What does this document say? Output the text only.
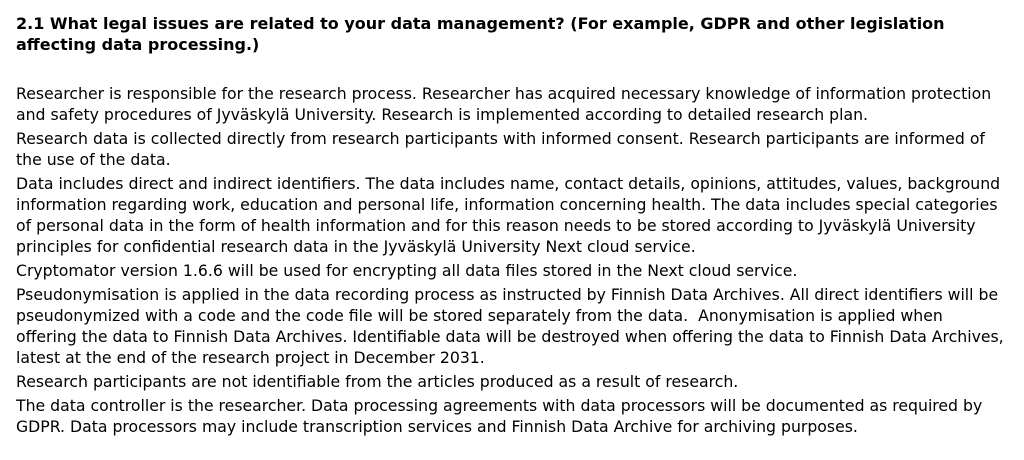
2.1 What legal issues are related to your data management? (For example, GDPR and other legislation affecting data processing.)

Researcher is responsible for the research process. Researcher has acquired necessary knowledge of information protection and safety procedures of Jyväskylä University. Research is implemented according to detailed research plan.

Research data is collected directly from research participants with informed consent. Research participants are informed of the use of the data.

Data includes direct and indirect identifiers. The data includes name, contact details, opinions, attitudes, values, background information regarding work, education and personal life, information concerning health. The data includes special categories of personal data in the form of health information and for this reason needs to be stored according to Jyväskylä University principles for confidential research data in the Jyväskylä University Next cloud service.

Cryptomator version 1.6.6 will be used for encrypting all data files stored in the Next cloud service.

Pseudonymisation is applied in the data recording process as instructed by Finnish Data Archives. All direct identifiers will be pseudonymized with a code and the code file will be stored separately from the data.  Anonymisation is applied when offering the data to Finnish Data Archives. Identifiable data will be destroyed when offering the data to Finnish Data Archives, latest at the end of the research project in December 2031.

Research participants are not identifiable from the articles produced as a result of research.

The data controller is the researcher. Data processing agreements with data processors will be documented as required by GDPR. Data processors may include transcription services and Finnish Data Archive for archiving purposes.
